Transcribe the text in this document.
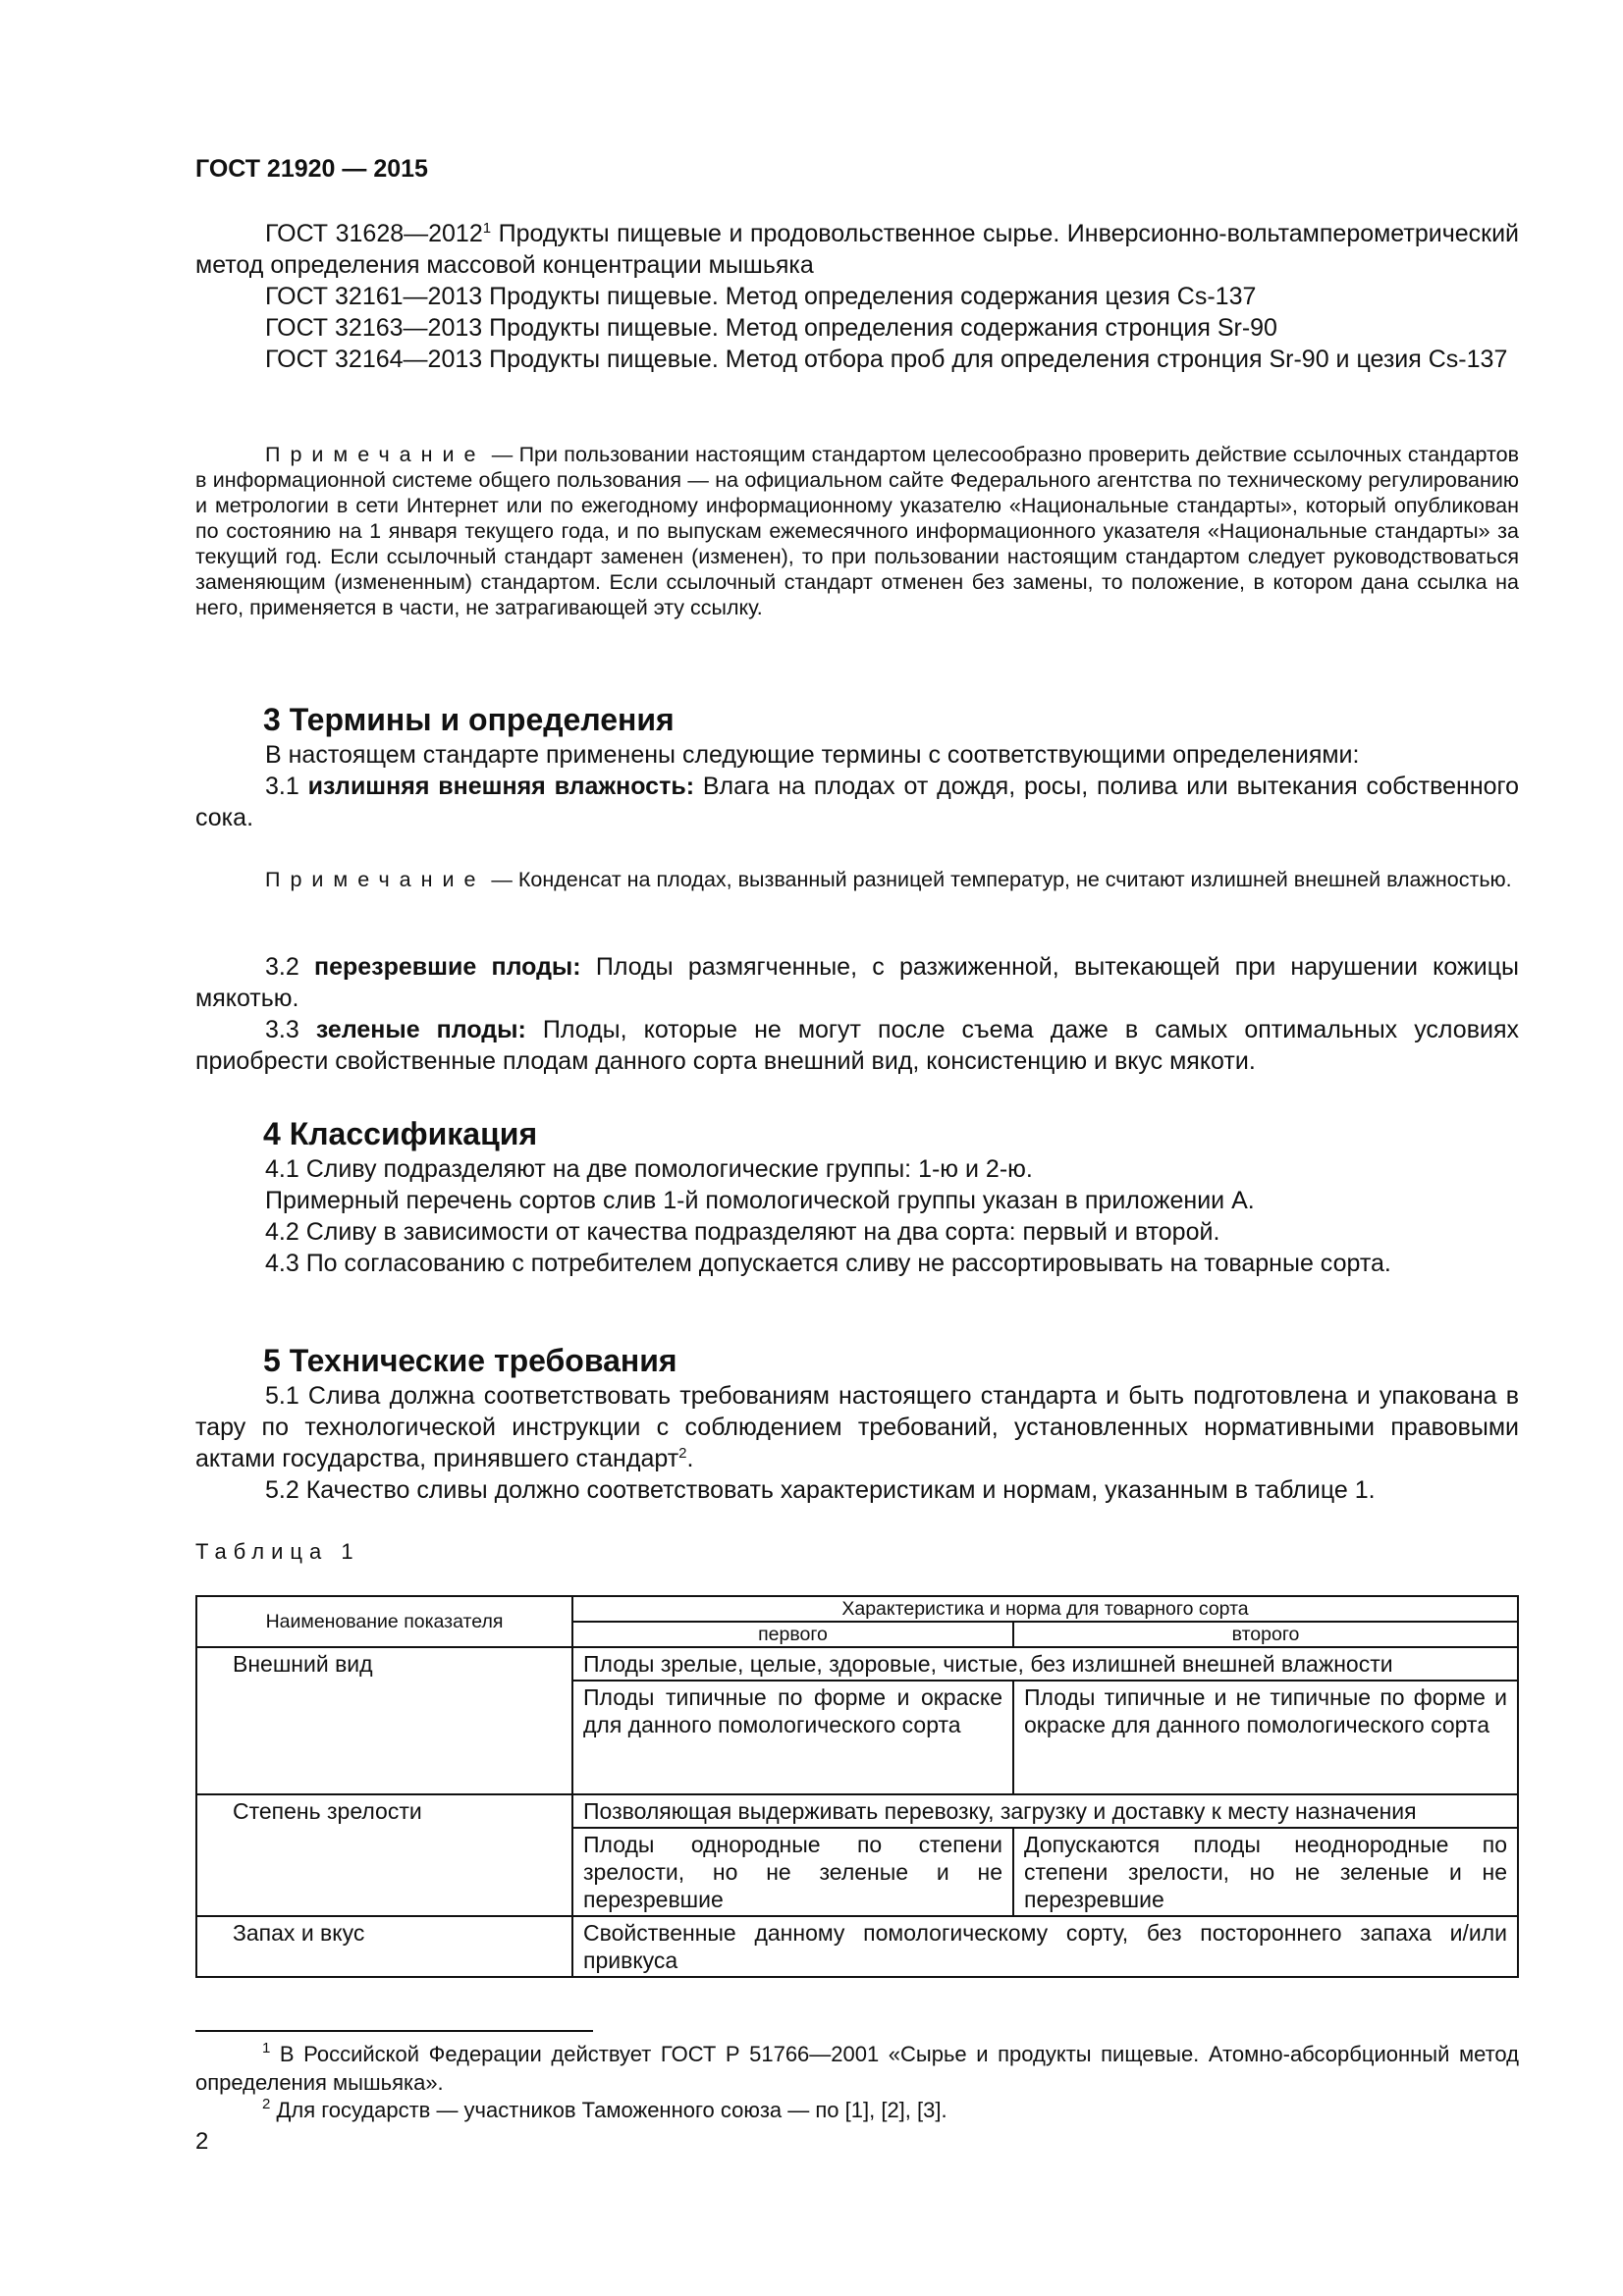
ГОСТ 21920 — 2015

ГОСТ 31628—2012$^1$ Продукты пищевые и продовольственное сырье. Инверсионно-вольтамперометрический метод определения массовой концентрации мышьяка

ГОСТ 32161—2013 Продукты пищевые. Метод определения содержания цезия Cs-137

ГОСТ 32163—2013 Продукты пищевые. Метод определения содержания стронция Sr-90

ГОСТ 32164—2013 Продукты пищевые. Метод отбора проб для определения стронция Sr-90 и цезия Cs-137

Примечание — При пользовании настоящим стандартом целесообразно проверить действие ссылочных стандартов в информационной системе общего пользования — на официальном сайте Федерального агентства по техническому регулированию и метрологии в сети Интернет или по ежегодному информационному указателю «Национальные стандарты», который опубликован по состоянию на 1 января текущего года, и по выпускам ежемесячного информационного указателя «Национальные стандарты» за текущий год. Если ссылочный стандарт заменен (изменен), то при пользовании настоящим стандартом следует руководствоваться заменяющим (измененным) стандартом. Если ссылочный стандарт отменен без замены, то положение, в котором дана ссылка на него, применяется в части, не затрагивающей эту ссылку.

3 Термины и определения

В настоящем стандарте применены следующие термины с соответствующими определениями:

3.1 излишняя внешняя влажность: Влага на плодах от дождя, росы, полива или вытекания собственного сока.

Примечание — Конденсат на плодах, вызванный разницей температур, не считают излишней внешней влажностью.

3.2 перезревшие плоды: Плоды размягченные, с разжиженной, вытекающей при нарушении кожицы мякотью.

3.3 зеленые плоды: Плоды, которые не могут после съема даже в самых оптимальных условиях приобрести свойственные плодам данного сорта внешний вид, консистенцию и вкус мякоти.

4 Классификация

4.1 Сливу подразделяют на две помологические группы: 1-ю и 2-ю.

Примерный перечень сортов слив 1-й помологической группы указан в приложении А.

4.2 Сливу в зависимости от качества подразделяют на два сорта: первый и второй.

4.3 По согласованию с потребителем допускается сливу не рассортировывать на товарные сорта.

5 Технические требования

5.1 Слива должна соответствовать требованиям настоящего стандарта и быть подготовлена и упакована в тару по технологической инструкции с соблюдением требований, установленных нормативными правовыми актами государства, принявшего стандарт$^2$.

5.2 Качество сливы должно соответствовать характеристикам и нормам, указанным в таблице 1.

Таблица 1
Наименование показателя	Характеристика и норма для товарного сорта	
	первого	второго
Внешний вид	Плоды зрелые, целые, здоровые, чистые, без излишней внешней влажности	
	Плоды типичные по форме и окраске для данного помологического сорта	Плоды типичные и не типичные по форме и окраске для данного помологического сорта
Степень зрелости	Позволяющая выдерживать перевозку, загрузку и доставку к месту назначения	
	Плоды однородные по степени зрелости, но не зеленые и не перезревшие	Допускаются плоды неоднородные по степени зрелости, но не зеленые и не перезревшие
Запах и вкус	Свойственные данному помологическому сорту, без постороннего запаха и/или привкуса	

$^1$ В Российской Федерации действует ГОСТ Р 51766—2001 «Сырье и продукты пищевые. Атомно-абсорбционный метод определения мышьяка».

$^2$ Для государств — участников Таможенного союза — по [1], [2], [3].

2
